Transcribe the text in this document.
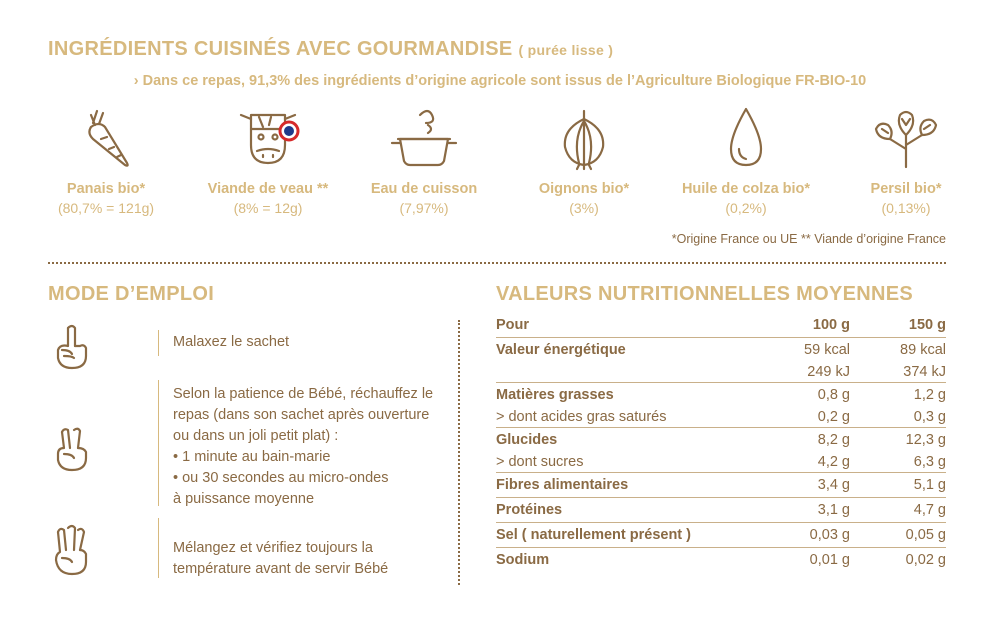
INGRÉDIENTS CUISINÉS AVEC GOURMANDISE ( purée lisse )
› Dans ce repas, 91,3% des ingrédients d’origine agricole sont issus de l’Agriculture Biologique FR-BIO-10
Panais bio*
(80,7% = 121g)
Viande de veau **
(8% = 12g)
Eau de cuisson
(7,97%)
Oignons bio*
(3%)
Huile de colza bio*
(0,2%)
Persil bio*
(0,13%)
*Origine France ou UE ** Viande d’origine France
MODE D’EMPLOI	VALEURS NUTRITIONNELLES MOYENNES
Malaxez le sachet
Selon la patience de Bébé, réchauffez le
repas (dans son sachet après ouverture
ou dans un joli petit plat) :
• 1 minute au bain-marie
• ou 30 secondes au micro-ondes
à puissance moyenne
Mélangez et vérifiez toujours la
température avant de servir Bébé
Pour	100 g	150 g
Valeur énergétique	59 kcal	89 kcal
	249 kJ	374 kJ
Matières grasses	0,8 g	1,2 g
> dont acides gras saturés	0,2 g	0,3 g
Glucides	8,2 g	12,3 g
> dont sucres	4,2 g	6,3 g
Fibres alimentaires	3,4 g	5,1 g
Protéines	3,1 g	4,7 g
Sel ( naturellement présent )	0,03 g	0,05 g
Sodium	0,01 g	0,02 g
